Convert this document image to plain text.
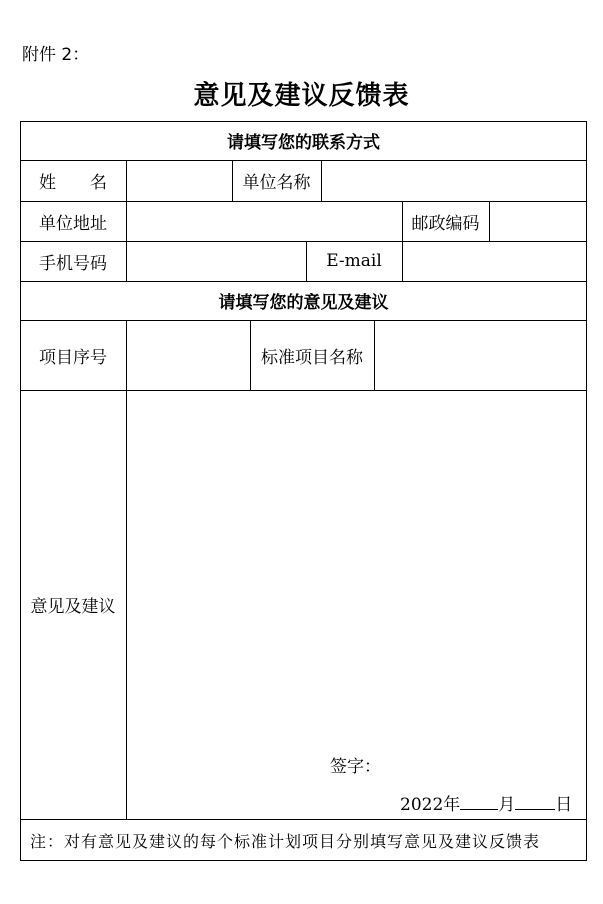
附件 2：
意见及建议反馈表
请填写您的联系方式
姓　　名	单位名称
单位地址	邮政编码
手机号码	E-mail
请填写您的意见及建议
项目序号	标准项目名称
意见及建议
签字：
2022年 月 日
注：对有意见及建议的每个标准计划项目分别填写意见及建议反馈表
